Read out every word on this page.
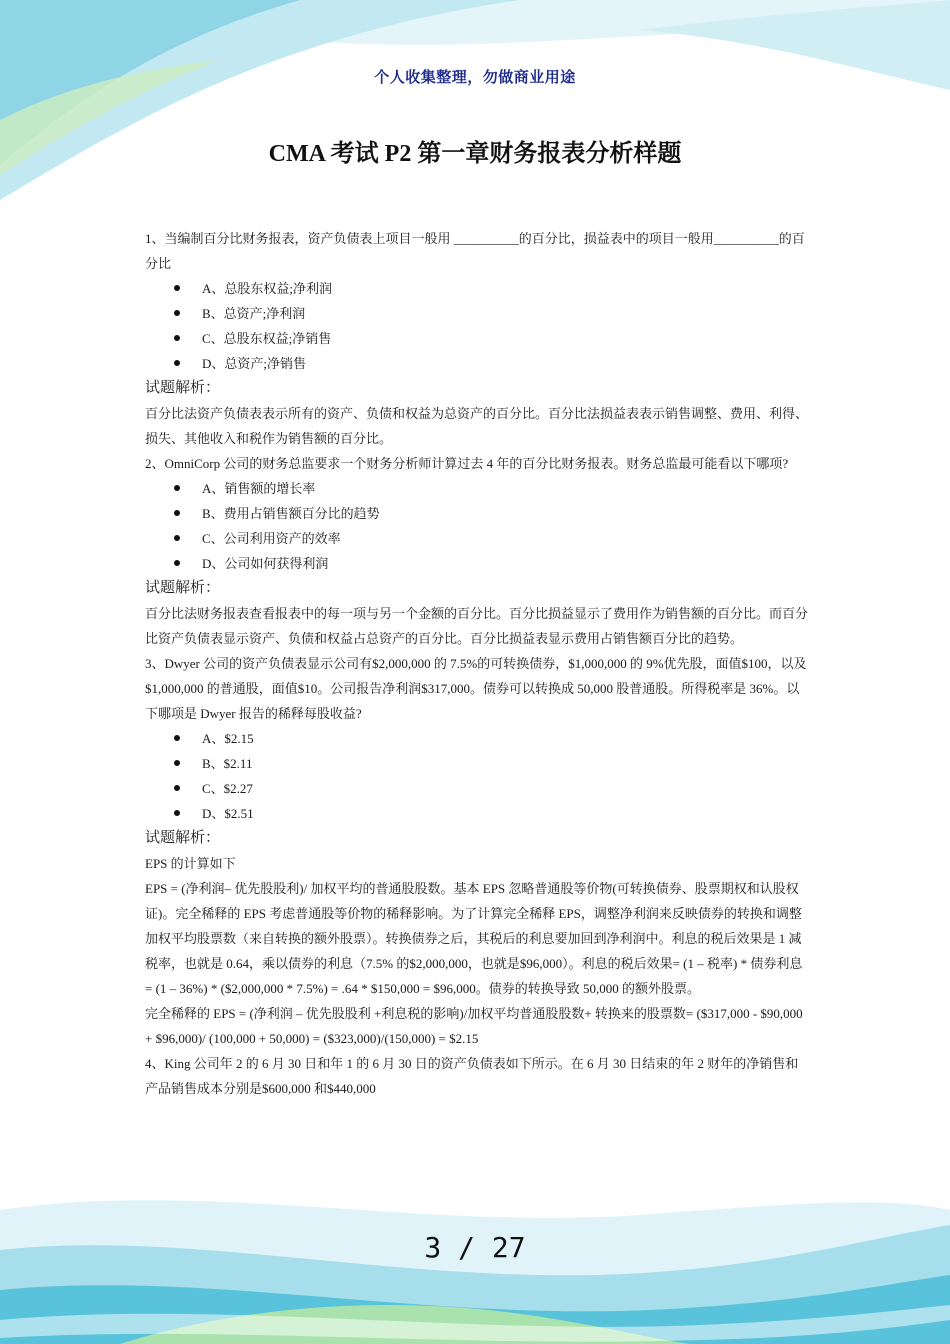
个人收集整理，勿做商业用途
CMA 考试 P2 第一章财务报表分析样题

1、当编制百分比财务报表，资产负债表上项目一般用 __________的百分比，损益表中的项目一般用__________的百分比

A、总股东权益;净利润
B、总资产;净利润
C、总股东权益;净销售
D、总资产;净销售

试题解析：

百分比法资产负债表表示所有的资产、负债和权益为总资产的百分比。百分比法损益表表示销售调整、费用、利得、损失、其他收入和税作为销售额的百分比。

2、OmniCorp 公司的财务总监要求一个财务分析师计算过去 4 年的百分比财务报表。财务总监最可能看以下哪项?

A、销售额的增长率
B、费用占销售额百分比的趋势
C、公司利用资产的效率
D、公司如何获得利润

试题解析：

百分比法财务报表查看报表中的每一项与另一个金额的百分比。百分比损益显示了费用作为销售额的百分比。而百分比资产负债表显示资产、负债和权益占总资产的百分比。百分比损益表显示费用占销售额百分比的趋势。

3、Dwyer 公司的资产负债表显示公司有$2,000,000 的 7.5%的可转换债券，$1,000,000 的 9%优先股，面值$100，以及$1,000,000 的普通股，面值$10。公司报告净利润$317,000。债券可以转换成 50,000 股普通股。所得税率是 36%。以下哪项是 Dwyer 报告的稀释每股收益?

A、$2.15
B、$2.11
C、$2.27
D、$2.51

试题解析：

EPS 的计算如下

EPS = (净利润– 优先股股利)/ 加权平均的普通股股数。基本 EPS 忽略普通股等价物(可转换债券、股票期权和认股权证)。完全稀释的 EPS 考虑普通股等价物的稀释影响。为了计算完全稀释 EPS，调整净利润来反映债券的转换和调整加权平均股票数（来自转换的额外股票）。转换债券之后，其税后的利息要加回到净利润中。利息的税后效果是 1 减税率，也就是 0.64，乘以债券的利息（7.5% 的$2,000,000，也就是$96,000）。利息的税后效果= (1 – 税率) * 债券利息 = (1 – 36%) * ($2,000,000 * 7.5%) = .64 * $150,000 = $96,000。债券的转换导致 50,000 的额外股票。

完全稀释的 EPS = (净利润 – 优先股股利 +利息税的影响)/加权平均普通股股数+ 转换来的股票数= ($317,000 - $90,000 + $96,000)/ (100,000 + 50,000) = ($323,000)/(150,000) = $2.15

4、King 公司年 2 的 6 月 30 日和年 1 的 6 月 30 日的资产负债表如下所示。在 6 月 30 日结束的年 2 财年的净销售和产品销售成本分别是$600,000 和$440,000

3 / 27
